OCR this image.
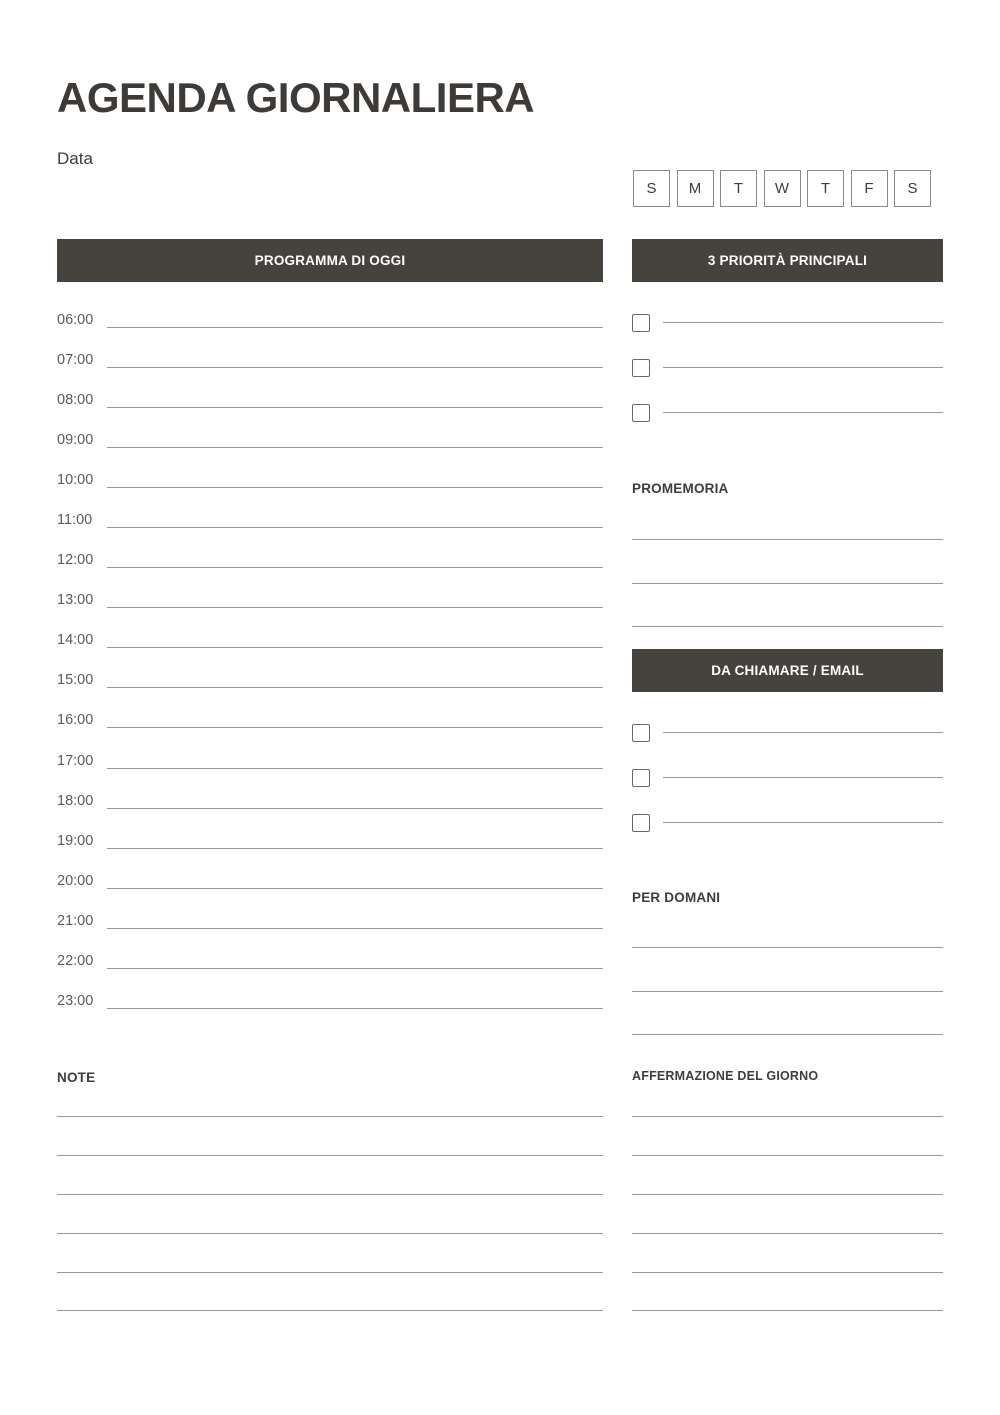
AGENDA GIORNALIERA
Data
S	M	T	W	T	F	S
PROGRAMMA DI OGGI
06:00
07:00
08:00
09:00
10:00
11:00
12:00
13:00
14:00
15:00
16:00
17:00
18:00
19:00
20:00
21:00
22:00
23:00
NOTE
3 PRIORITÀ PRINCIPALI
PROMEMORIA
DA CHIAMARE / EMAIL
PER DOMANI
AFFERMAZIONE DEL GIORNO
